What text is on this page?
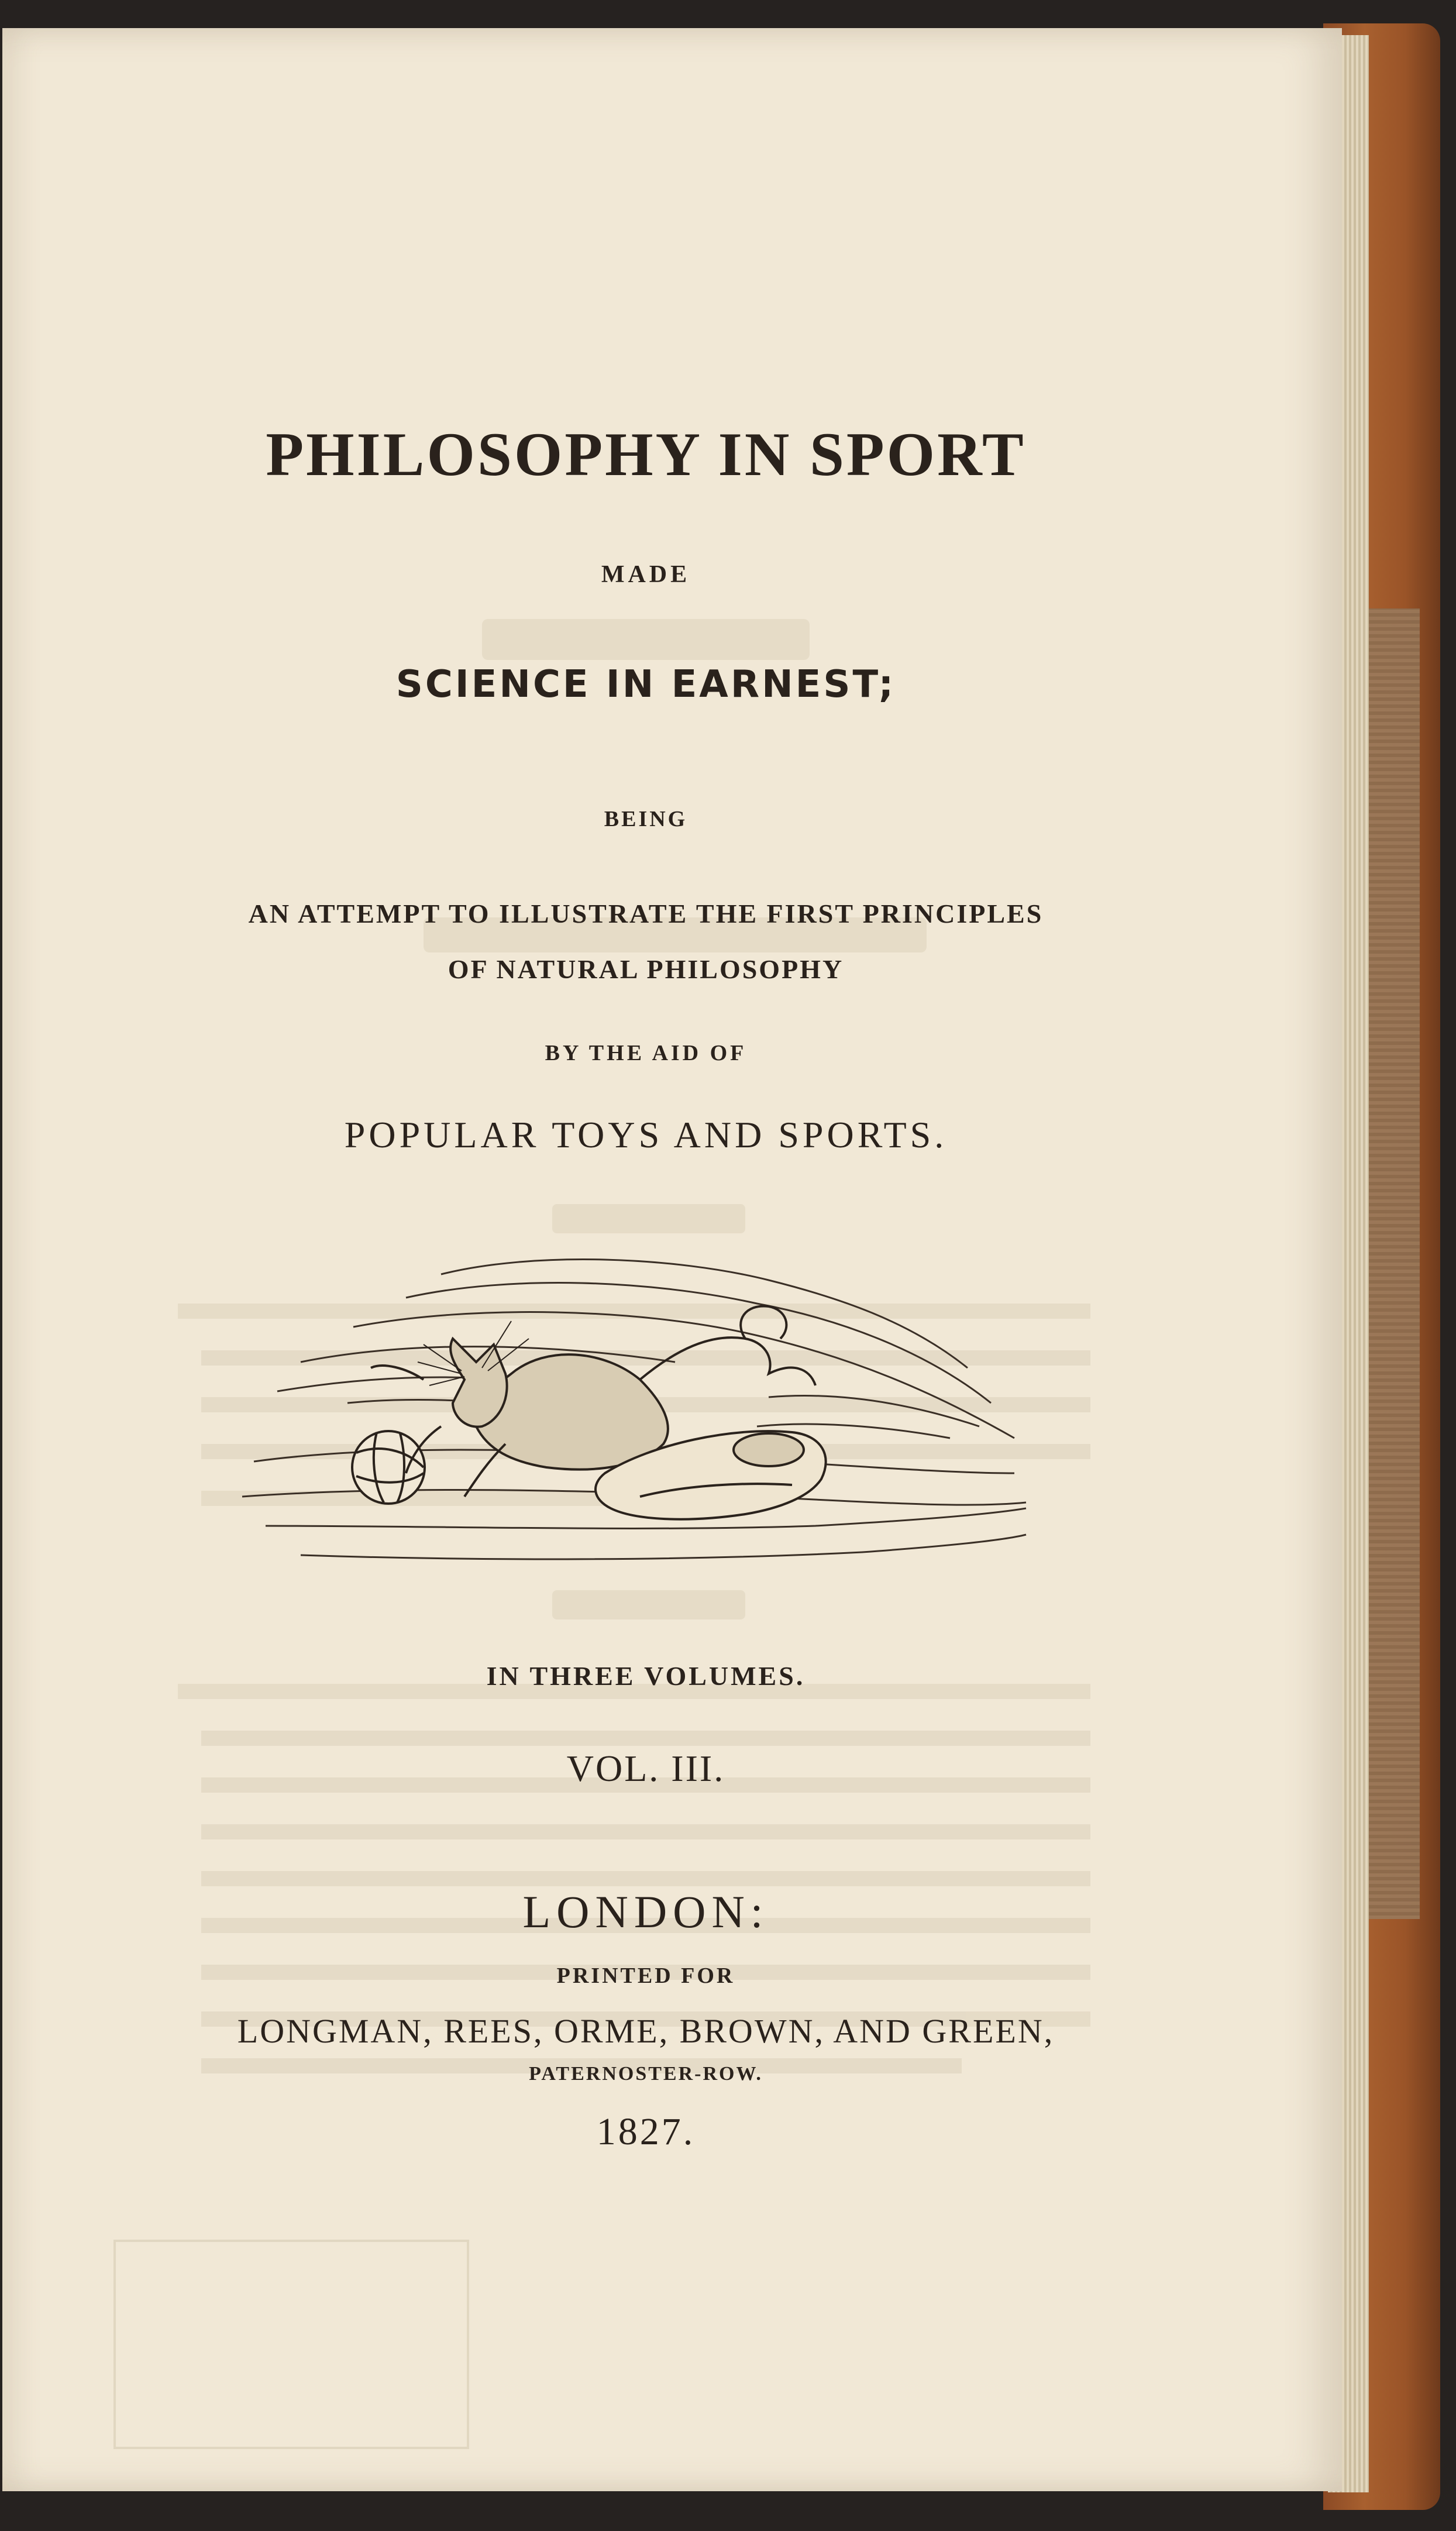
PHILOSOPHY IN SPORT
MADE
SCIENCE IN EARNEST;
BEING
AN ATTEMPT TO ILLUSTRATE THE FIRST PRINCIPLES
OF NATURAL PHILOSOPHY
BY THE AID OF
POPULAR TOYS AND SPORTS.
IN THREE VOLUMES.
VOL. III.
LONDON:
PRINTED FOR
LONGMAN, REES, ORME, BROWN, AND GREEN,
PATERNOSTER-ROW.
1827.
